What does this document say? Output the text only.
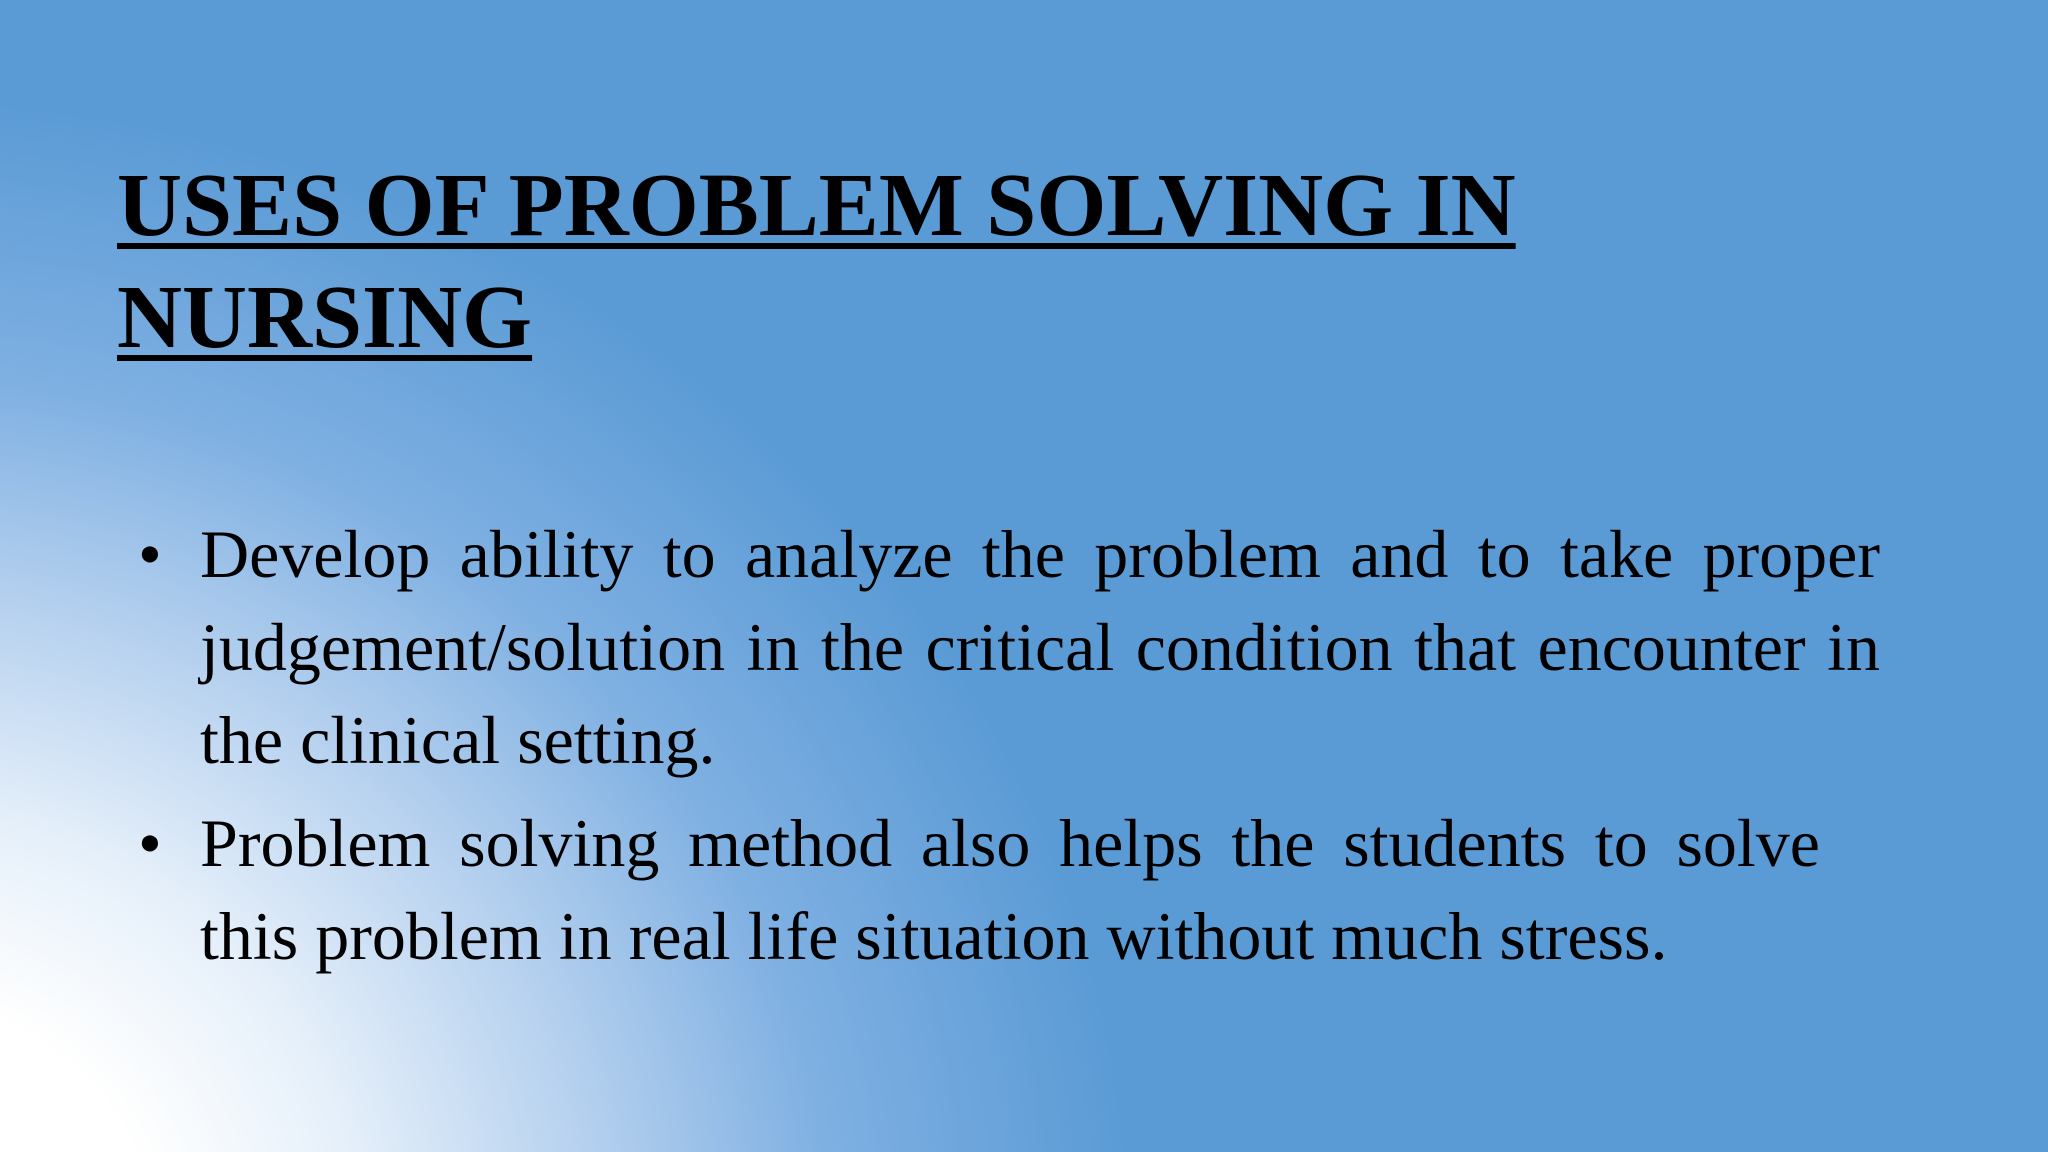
USES OF PROBLEM SOLVING IN
NURSING
• Develop ability to analyze the problem and to take proper judgement/solution in the critical condition that encounter in the clinical setting.
• Problem solving method also helps the students to solve this problem in real life situation without much stress.
